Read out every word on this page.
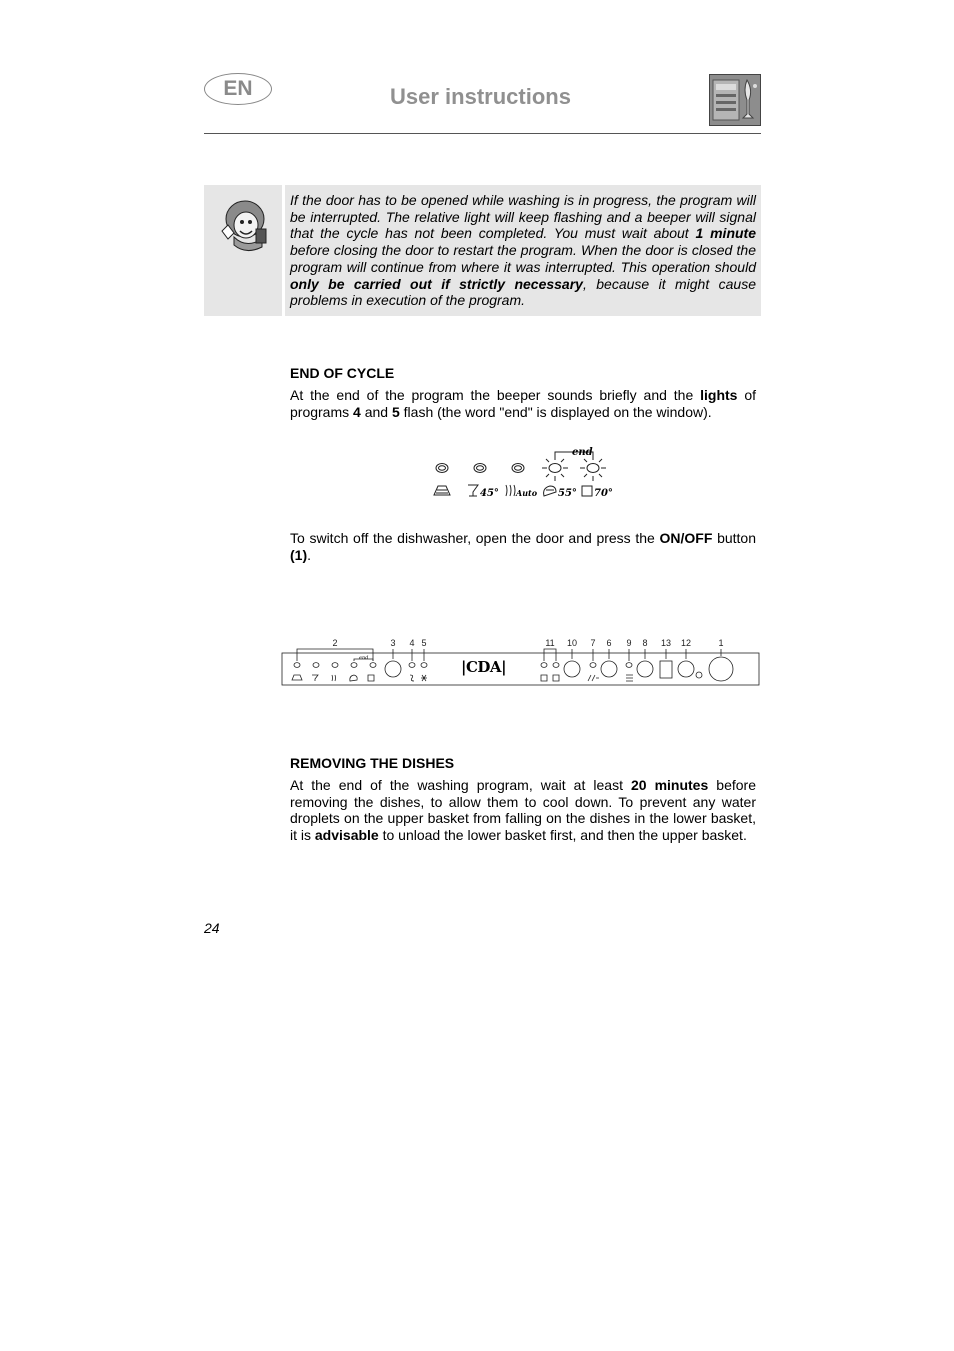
EN	User instructions
If the door has to be opened while washing is in progress, the program will be interrupted. The relative light will keep flashing and a beeper will signal that the cycle has not been completed. You must wait about 1 minute before closing the door to restart the program. When the door is closed the program will continue from where it was interrupted. This operation should only be carried out if strictly necessary, because it might cause problems in execution of the program.
END OF CYCLE
At the end of the program the beeper sounds briefly and the lights of programs 4 and 5 flash (the word "end" is displayed on the window).
end
45° Auto 55° 70°
To switch off the dishwasher, open the door and press the ON/OFF button (1).
2	3 4 5	11 10 7 6 9 8 13 12	1
|CDA|
end
REMOVING THE DISHES
At the end of the washing program, wait at least 20 minutes before removing the dishes, to allow them to cool down. To prevent any water droplets on the upper basket from falling on the dishes in the lower basket, it is advisable to unload the lower basket first, and then the upper basket.
24
